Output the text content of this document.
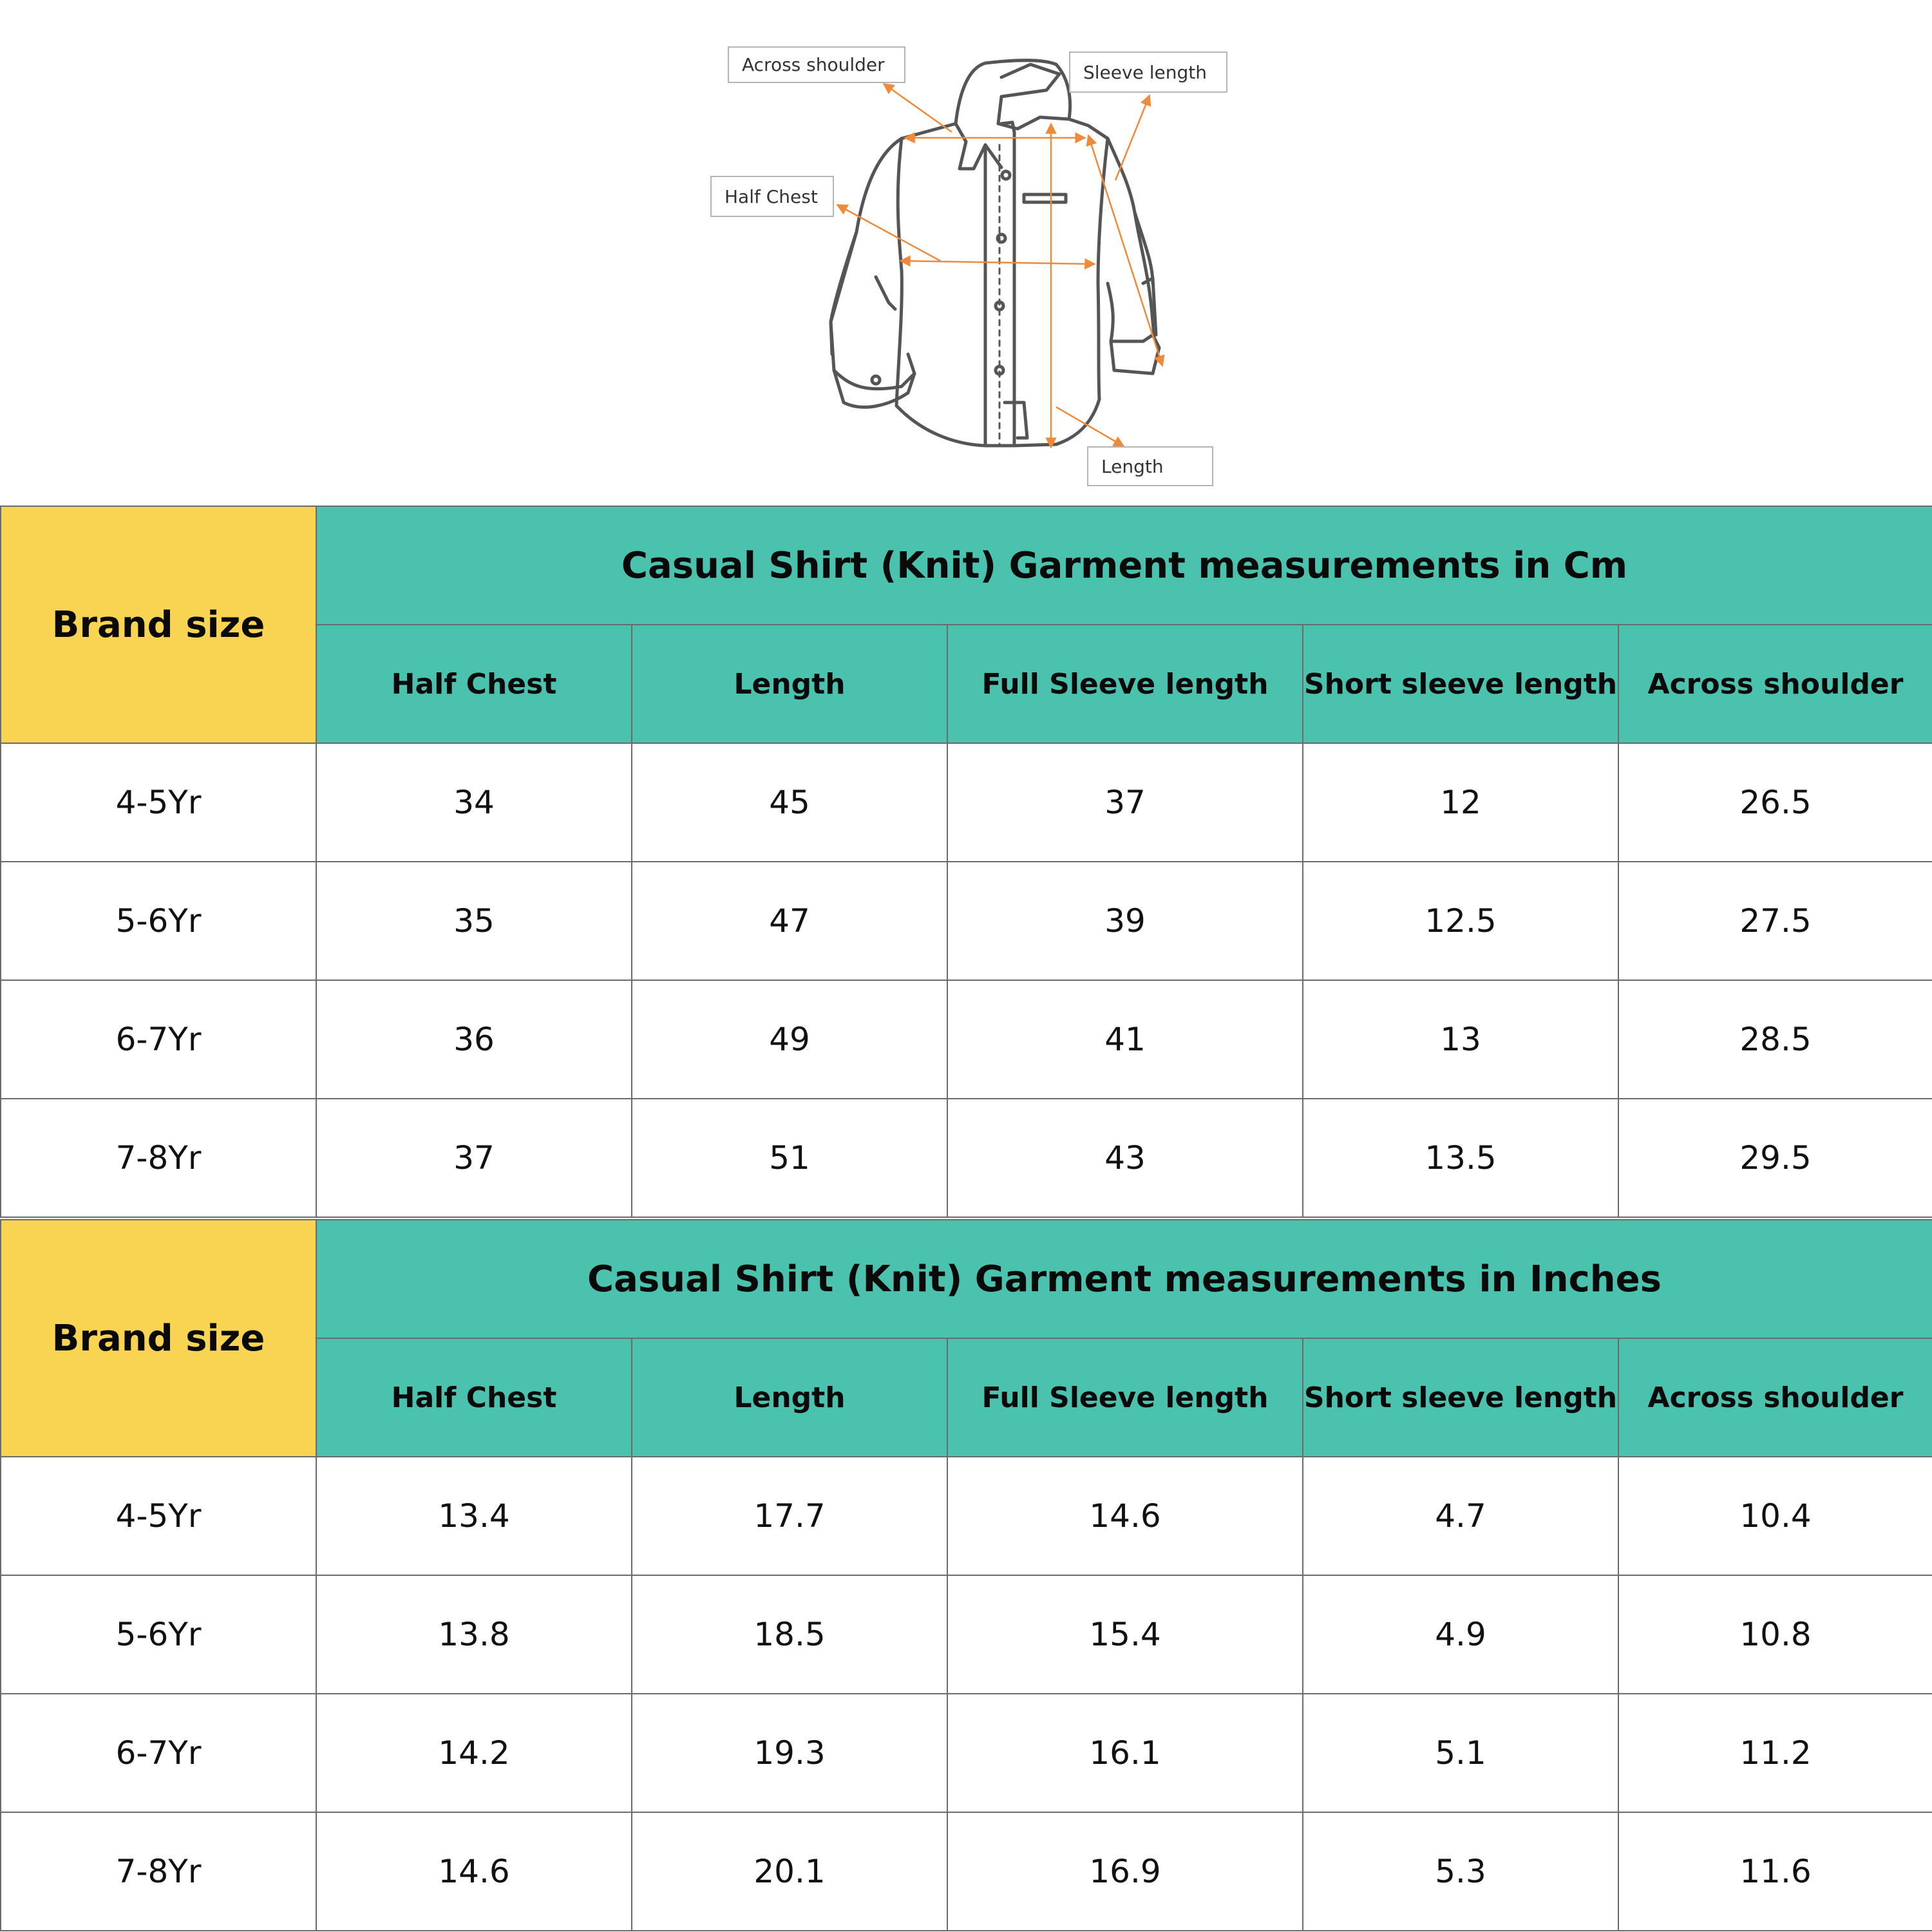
Across shoulder	Sleeve length
Half Chest
Length
Brand size	Casual Shirt (Knit) Garment measurements in Cm				
	Half Chest	Length	Full Sleeve length	Short sleeve length	Across shoulder
4-5Yr	34	45	37	12	26.5
5-6Yr	35	47	39	12.5	27.5
6-7Yr	36	49	41	13	28.5
7-8Yr	37	51	43	13.5	29.5
Brand size	Casual Shirt (Knit) Garment measurements in Inches				
	Half Chest	Length	Full Sleeve length	Short sleeve length	Across shoulder
4-5Yr	13.4	17.7	14.6	4.7	10.4
5-6Yr	13.8	18.5	15.4	4.9	10.8
6-7Yr	14.2	19.3	16.1	5.1	11.2
7-8Yr	14.6	20.1	16.9	5.3	11.6
